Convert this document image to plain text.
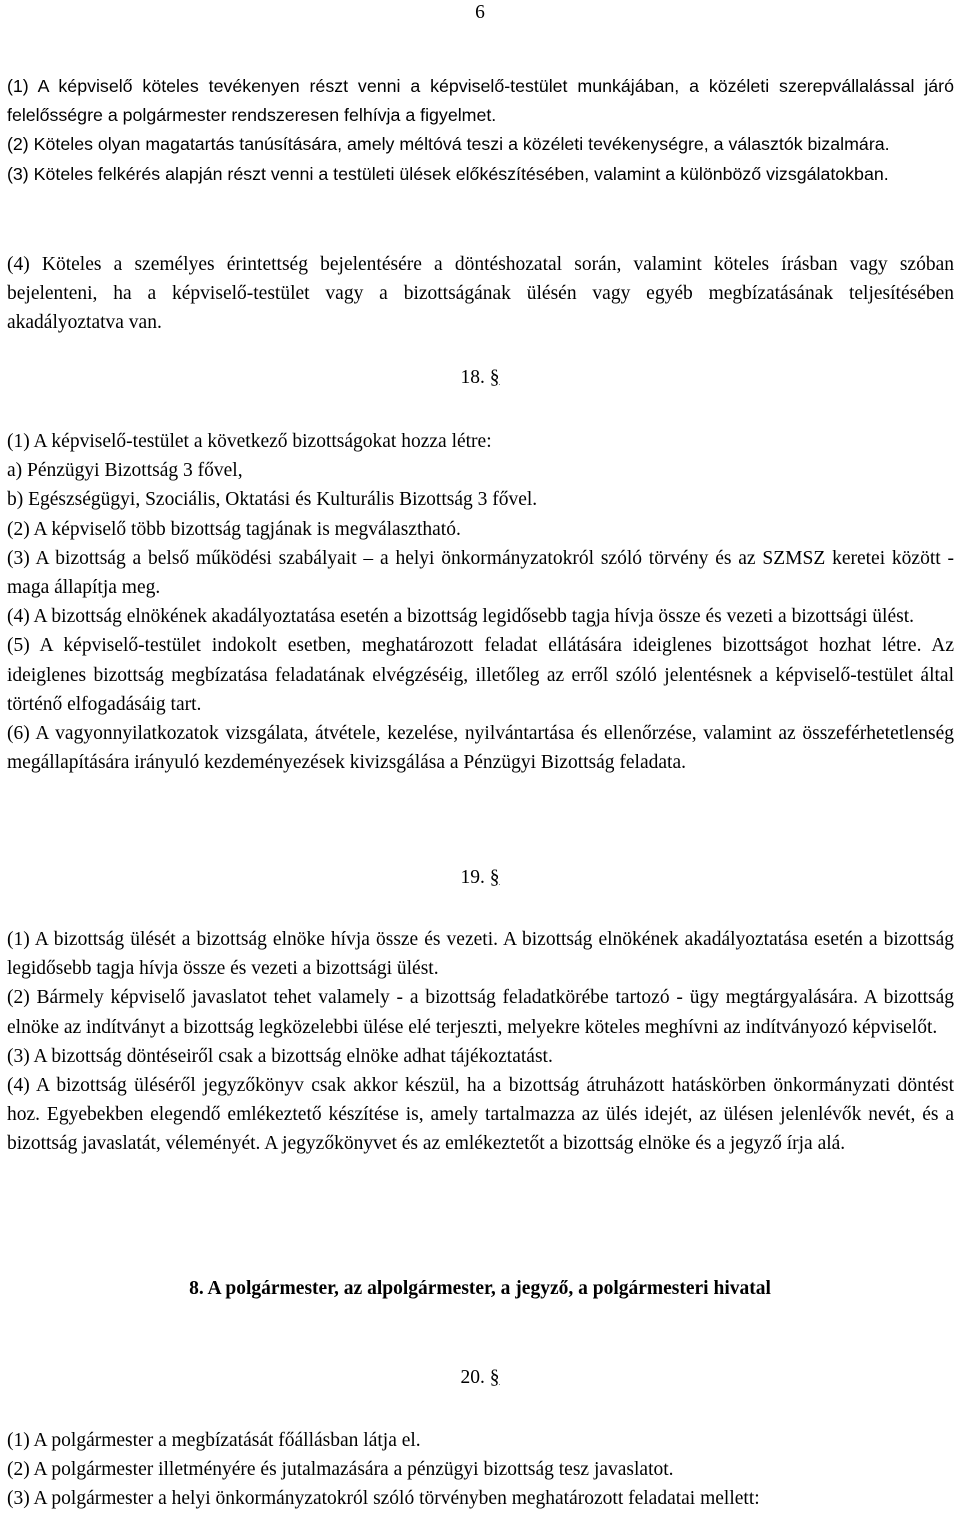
6

(1) A képviselő köteles tevékenyen részt venni a képviselő-testület munkájában, a közéleti szerepvállalással járó felelősségre a polgármester rendszeresen felhívja a figyelmet.

(2) Köteles olyan magatartás tanúsítására, amely méltóvá teszi a közéleti tevékenységre, a választók bizalmára.

(3) Köteles felkérés alapján részt venni a testületi ülések előkészítésében, valamint a különböző vizsgálatokban.

(4) Köteles a személyes érintettség bejelentésére a döntéshozatal során, valamint köteles írásban vagy szóban bejelenteni, ha a képviselő-testület vagy a bizottságának ülésén vagy egyéb megbízatásának teljesítésében akadályoztatva van.

18. §

(1) A képviselő-testület a következő bizottságokat hozza létre:

a) Pénzügyi Bizottság 3 fővel,

b) Egészségügyi, Szociális, Oktatási és Kulturális Bizottság 3 fővel.

(2) A képviselő több bizottság tagjának is megválasztható.

(3) A bizottság a belső működési szabályait – a helyi önkormányzatokról szóló törvény és az SZMSZ keretei között - maga állapítja meg.

(4) A bizottság elnökének akadályoztatása esetén a bizottság legidősebb tagja hívja össze és vezeti a bizottsági ülést.

(5) A képviselő-testület indokolt esetben, meghatározott feladat ellátására ideiglenes bizottságot hozhat létre. Az ideiglenes bizottság megbízatása feladatának elvégzéséig, illetőleg az erről szóló jelentésnek a képviselő-testület által történő elfogadásáig tart.

(6) A vagyonnyilatkozatok vizsgálata, átvétele, kezelése, nyilvántartása és ellenőrzése, valamint az összeférhetetlenség megállapítására irányuló kezdeményezések kivizsgálása a Pénzügyi Bizottság feladata.

19. §

(1) A bizottság ülését a bizottság elnöke hívja össze és vezeti. A bizottság elnökének akadályoztatása esetén a bizottság legidősebb tagja hívja össze és vezeti a bizottsági ülést.

(2) Bármely képviselő javaslatot tehet valamely - a bizottság feladatkörébe tartozó - ügy megtárgyalására. A bizottság elnöke az indítványt a bizottság legközelebbi ülése elé terjeszti, melyekre köteles meghívni az indítványozó képviselőt.

(3) A bizottság döntéseiről csak a bizottság elnöke adhat tájékoztatást.

(4) A bizottság üléséről jegyzőkönyv csak akkor készül, ha a bizottság átruházott hatáskörben önkormányzati döntést hoz. Egyebekben elegendő emlékeztető készítése is, amely tartalmazza az ülés idejét, az ülésen jelenlévők nevét, és a bizottság javaslatát, véleményét. A jegyzőkönyvet és az emlékeztetőt a bizottság elnöke és a jegyző írja alá.

8. A polgármester, az alpolgármester, a jegyző, a polgármesteri hivatal
20. §

(1) A polgármester a megbízatását főállásban látja el.

(2) A polgármester illetményére és jutalmazására a pénzügyi bizottság tesz javaslatot.

(3) A polgármester a helyi önkormányzatokról szóló törvényben meghatározott feladatai mellett:
